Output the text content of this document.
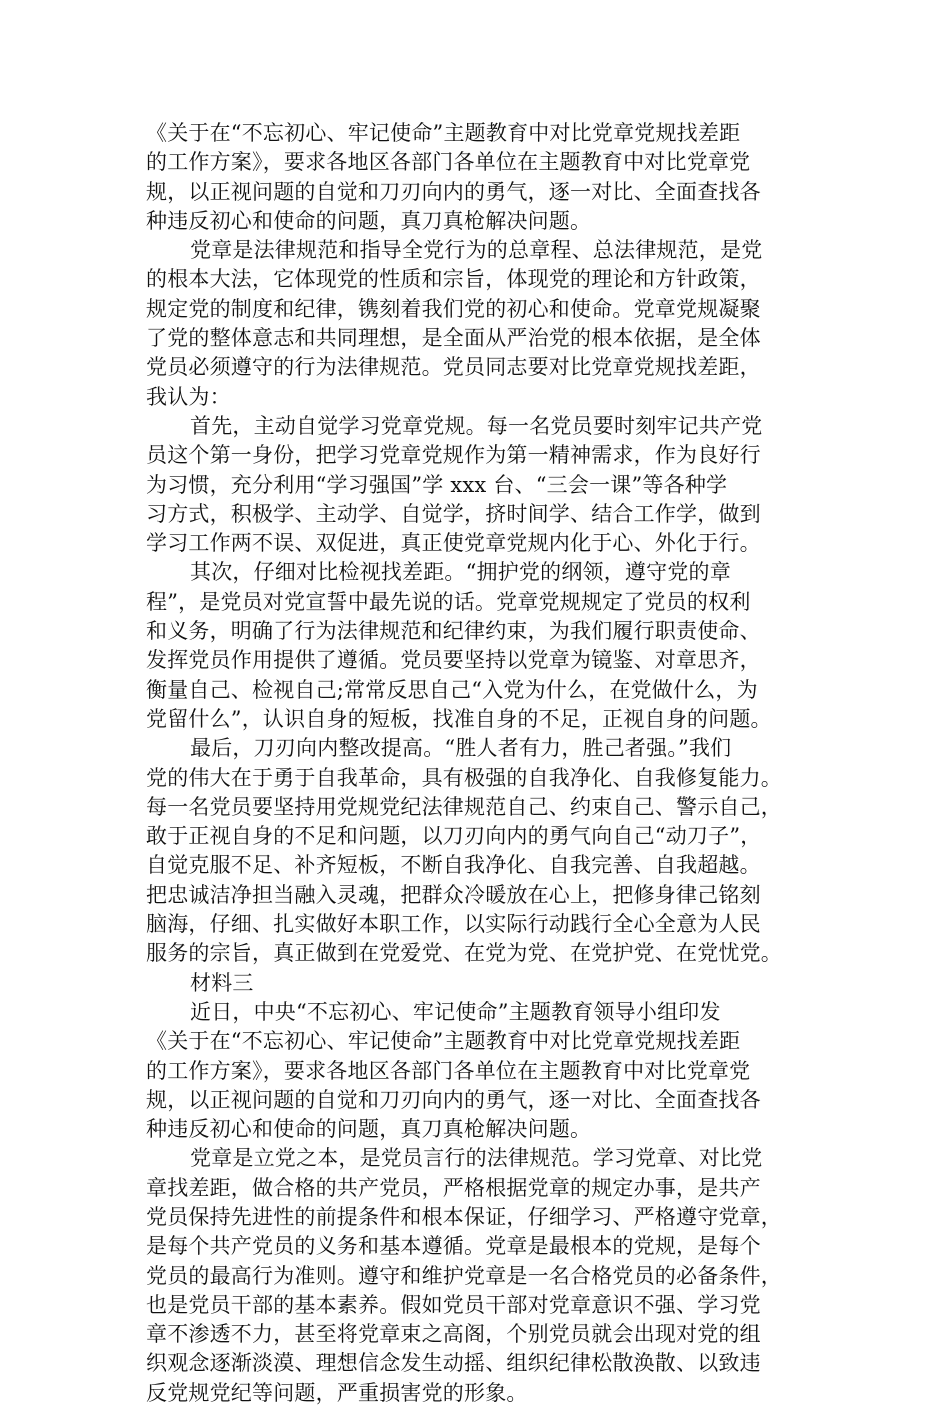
《关于在“不忘初心、牢记使命”主题教育中对比党章党规找差距
的工作方案》，要求各地区各部门各单位在主题教育中对比党章党
规，以正视问题的自觉和刀刃向内的勇气，逐一对比、全面查找各
种违反初心和使命的问题，真刀真枪解决问题。
党章是法律规范和指导全党行为的总章程、总法律规范，是党
的根本大法，它体现党的性质和宗旨，体现党的理论和方针政策，
规定党的制度和纪律，镌刻着我们党的初心和使命。党章党规凝聚
了党的整体意志和共同理想，是全面从严治党的根本依据，是全体
党员必须遵守的行为法律规范。党员同志要对比党章党规找差距，
我认为：
首先，主动自觉学习党章党规。每一名党员要时刻牢记共产党
员这个第一身份，把学习党章党规作为第一精神需求，作为良好行
为习惯，充分利用“学习强国”学 xxx 台、“三会一课”等各种学
习方式，积极学、主动学、自觉学，挤时间学、结合工作学，做到
学习工作两不误、双促进，真正使党章党规内化于心、外化于行。
其次，仔细对比检视找差距。“拥护党的纲领，遵守党的章
程”，是党员对党宣誓中最先说的话。党章党规规定了党员的权利
和义务，明确了行为法律规范和纪律约束，为我们履行职责使命、
发挥党员作用提供了遵循。党员要坚持以党章为镜鉴、对章思齐，
衡量自己、检视自己;常常反思自己“入党为什么，在党做什么，为
党留什么”，认识自身的短板，找准自身的不足，正视自身的问题。
最后，刀刃向内整改提高。“胜人者有力，胜己者强。”我们
党的伟大在于勇于自我革命，具有极强的自我净化、自我修复能力。
每一名党员要坚持用党规党纪法律规范自己、约束自己、警示自己，
敢于正视自身的不足和问题，以刀刃向内的勇气向自己“动刀子”，
自觉克服不足、补齐短板，不断自我净化、自我完善、自我超越。
把忠诚洁净担当融入灵魂，把群众冷暖放在心上，把修身律己铭刻
脑海，仔细、扎实做好本职工作，以实际行动践行全心全意为人民
服务的宗旨，真正做到在党爱党、在党为党、在党护党、在党忧党。
材料三
近日，中央“不忘初心、牢记使命”主题教育领导小组印发
《关于在“不忘初心、牢记使命”主题教育中对比党章党规找差距
的工作方案》，要求各地区各部门各单位在主题教育中对比党章党
规，以正视问题的自觉和刀刃向内的勇气，逐一对比、全面查找各
种违反初心和使命的问题，真刀真枪解决问题。
党章是立党之本，是党员言行的法律规范。学习党章、对比党
章找差距，做合格的共产党员，严格根据党章的规定办事，是共产
党员保持先进性的前提条件和根本保证，仔细学习、严格遵守党章，
是每个共产党员的义务和基本遵循。党章是最根本的党规，是每个
党员的最高行为准则。遵守和维护党章是一名合格党员的必备条件，
也是党员干部的基本素养。假如党员干部对党章意识不强、学习党
章不渗透不力，甚至将党章束之高阁，个别党员就会出现对党的组
织观念逐渐淡漠、理想信念发生动摇、组织纪律松散涣散、以致违
反党规党纪等问题，严重损害党的形象。
